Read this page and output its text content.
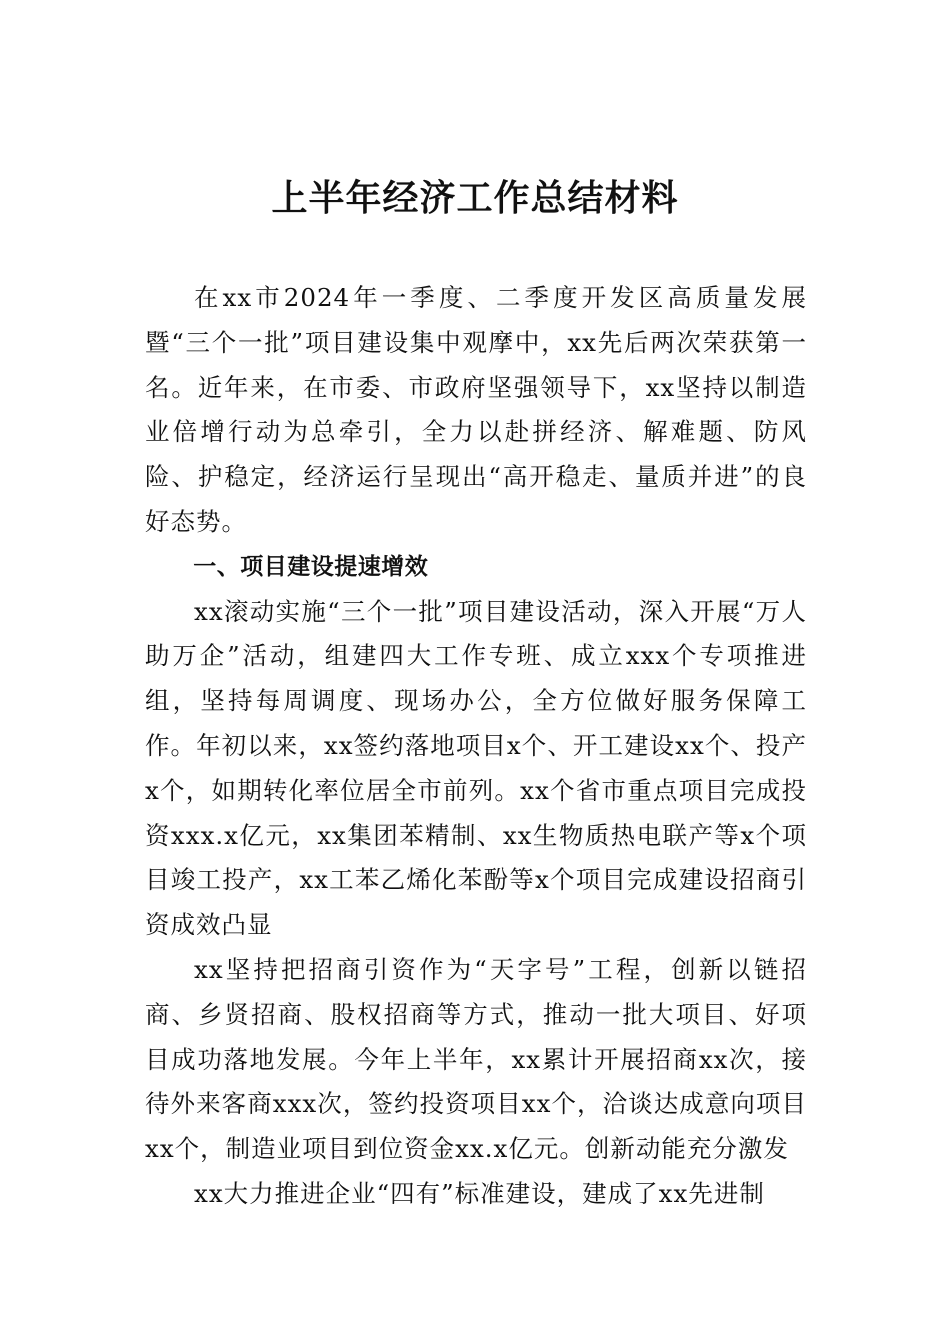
上半年经济工作总结材料

在xx市2024年一季度、二季度开发区高质量发展暨“三个一批”项目建设集中观摩中，xx先后两次荣获第一名。近年来，在市委、市政府坚强领导下，xx坚持以制造业倍增行动为总牵引，全力以赴拼经济、解难题、防风险、护稳定，经济运行呈现出“高开稳走、量质并进”的良好态势。

一、项目建设提速增效

xx滚动实施“三个一批”项目建设活动，深入开展“万人助万企”活动，组建四大工作专班、成立xxx个专项推进组，坚持每周调度、现场办公，全方位做好服务保障工作。年初以来，xx签约落地项目x个、开工建设xx个、投产x个，如期转化率位居全市前列。xx个省市重点项目完成投资xxx.x亿元，xx集团苯精制、xx生物质热电联产等x个项目竣工投产，xx工苯乙烯化苯酚等x个项目完成建设招商引资成效凸显

xx坚持把招商引资作为“天字号”工程，创新以链招商、乡贤招商、股权招商等方式，推动一批大项目、好项目成功落地发展。今年上半年，xx累计开展招商xx次，接待外来客商xxx次，签约投资项目xx个，洽谈达成意向项目xx个，制造业项目到位资金xx.x亿元。创新动能充分激发

xx大力推进企业“四有”标准建设，建成了xx先进制
